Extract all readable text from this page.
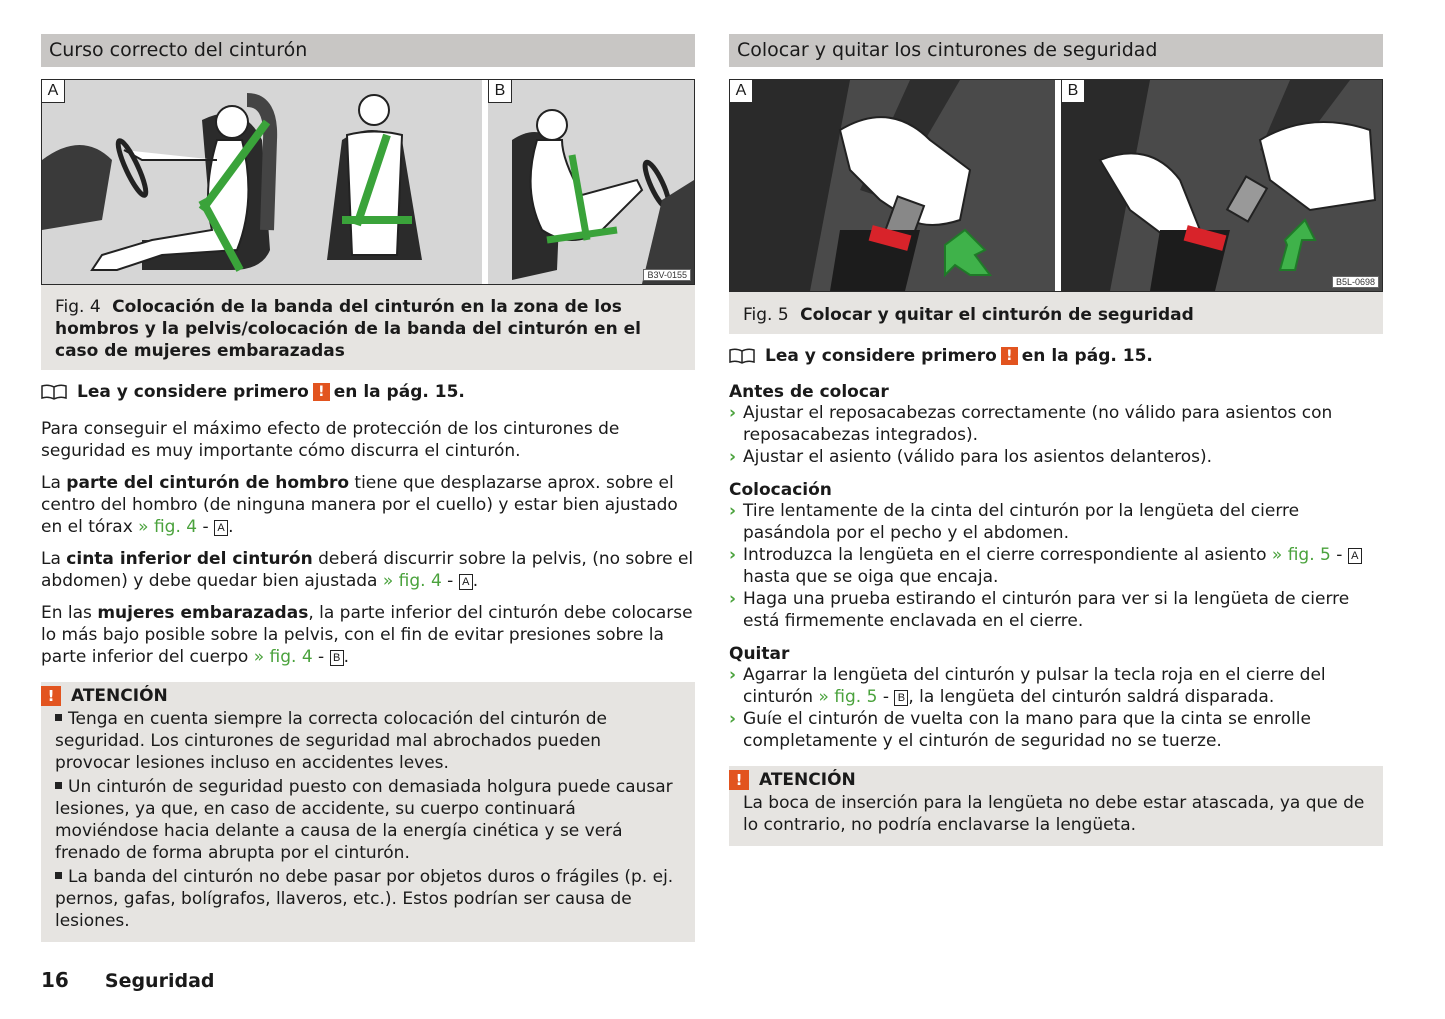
Curso correcto del cinturón
A	B
B3V-0155
Fig. 4 Colocación de la banda del cinturón en la zona de los hombros y la pelvis/colocación de la banda del cinturón en el caso de mujeres embarazadas
Lea y considere primero ! en la pág. 15.

Para conseguir el máximo efecto de protección de los cinturones de seguridad es muy importante cómo discurra el cinturón.

La parte del cinturón de hombro tiene que desplazarse aprox. sobre el centro del hombro (de ninguna manera por el cuello) y estar bien ajustado en el tórax » fig. 4 - A .

La cinta inferior del cinturón deberá discurrir sobre la pelvis, (no sobre el abdomen) y debe quedar bien ajustada » fig. 4 - A .

En las mujeres embarazadas, la parte inferior del cinturón debe colocarse lo más bajo posible sobre la pelvis, con el fin de evitar presiones sobre la parte inferior del cuerpo » fig. 4 - B .

! ATENCIÓN
Tenga en cuenta siempre la correcta colocación del cinturón de seguridad. Los cinturones de seguridad mal abrochados pueden provocar lesiones incluso en accidentes leves.
Un cinturón de seguridad puesto con demasiada holgura puede causar lesiones, ya que, en caso de accidente, su cuerpo continuará moviéndose hacia delante a causa de la energía cinética y se verá frenado de forma abrupta por el cinturón.
La banda del cinturón no debe pasar por objetos duros o frágiles (p. ej. pernos, gafas, bolígrafos, llaveros, etc.). Estos podrían ser causa de lesiones.
Colocar y quitar los cinturones de seguridad
A	B
B5L-0698
Fig. 5 Colocar y quitar el cinturón de seguridad
Lea y considere primero ! en la pág. 15.
Antes de colocar
› Ajustar el reposacabezas correctamente (no válido para asientos con reposacabezas integrados).
› Ajustar el asiento (válido para los asientos delanteros).
Colocación
› Tire lentamente de la cinta del cinturón por la lengüeta del cierre pasándola por el pecho y el abdomen.
› Introduzca la lengüeta en el cierre correspondiente al asiento » fig. 5 - A hasta que se oiga que encaja.
› Haga una prueba estirando el cinturón para ver si la lengüeta de cierre está firmemente enclavada en el cierre.
Quitar
› Agarrar la lengüeta del cinturón y pulsar la tecla roja en el cierre del cinturón » fig. 5 - B , la lengüeta del cinturón saldrá disparada.
› Guíe el cinturón de vuelta con la mano para que la cinta se enrolle completamente y el cinturón de seguridad no se tuerze.
! ATENCIÓN
La boca de inserción para la lengüeta no debe estar atascada, ya que de lo contrario, no podría enclavarse la lengüeta.
16 Seguridad
